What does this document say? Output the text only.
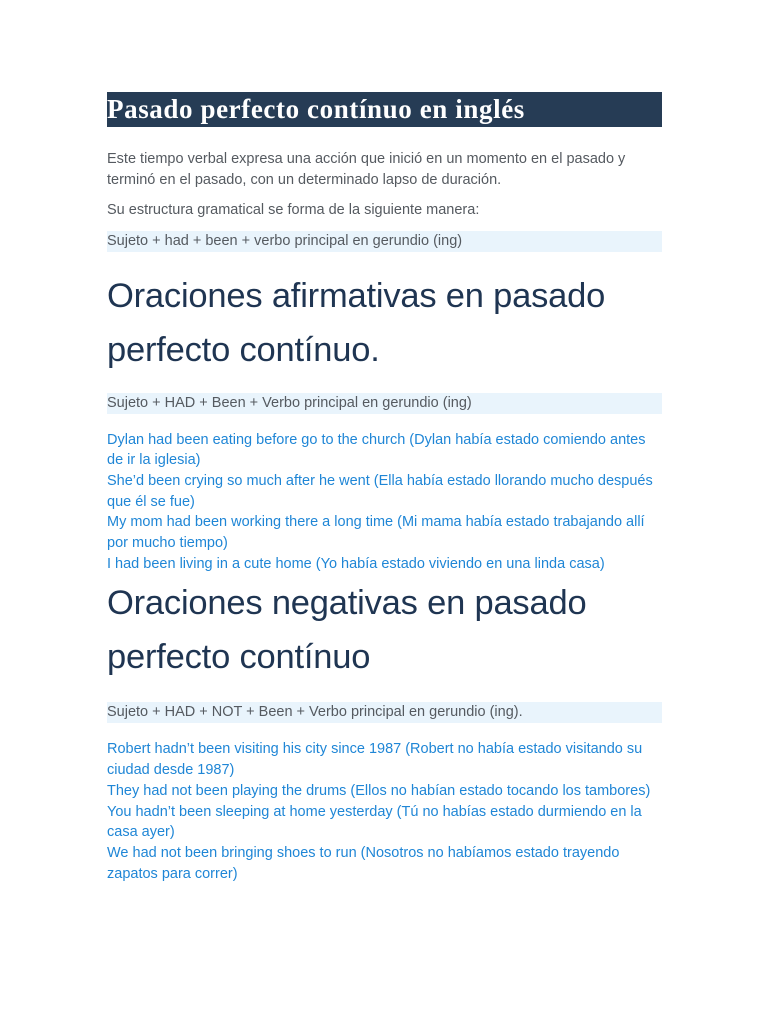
Pasado perfecto contínuo en inglés

Este tiempo verbal expresa una acción que inició en un momento en el pasado y terminó en el pasado, con un determinado lapso de duración.

Su estructura gramatical se forma de la siguiente manera:

Sujeto + had + been + verbo principal en gerundio (ing)
Oraciones afirmativas en pasado perfecto contínuo.
Sujeto + HAD + Been + Verbo principal en gerundio (ing)

Dylan had been eating before go to the church (Dylan había estado comiendo antes de ir la iglesia)

She’d been crying so much after he went (Ella había estado llorando mucho después que él se fue)

My mom had been working there a long time (Mi mama había estado trabajando allí por mucho tiempo)

I had been living in a cute home (Yo había estado viviendo en una linda casa)

Oraciones negativas en pasado perfecto contínuo
Sujeto + HAD + NOT + Been + Verbo principal en gerundio (ing).

Robert hadn’t been visiting his city since 1987 (Robert no había estado visitando su ciudad desde 1987)

They had not been playing the drums (Ellos no habían estado tocando los tambores)

You hadn’t been sleeping at home yesterday (Tú no habías estado durmiendo en la casa ayer)

We had not been bringing shoes to run (Nosotros no habíamos estado trayendo zapatos para correr)
